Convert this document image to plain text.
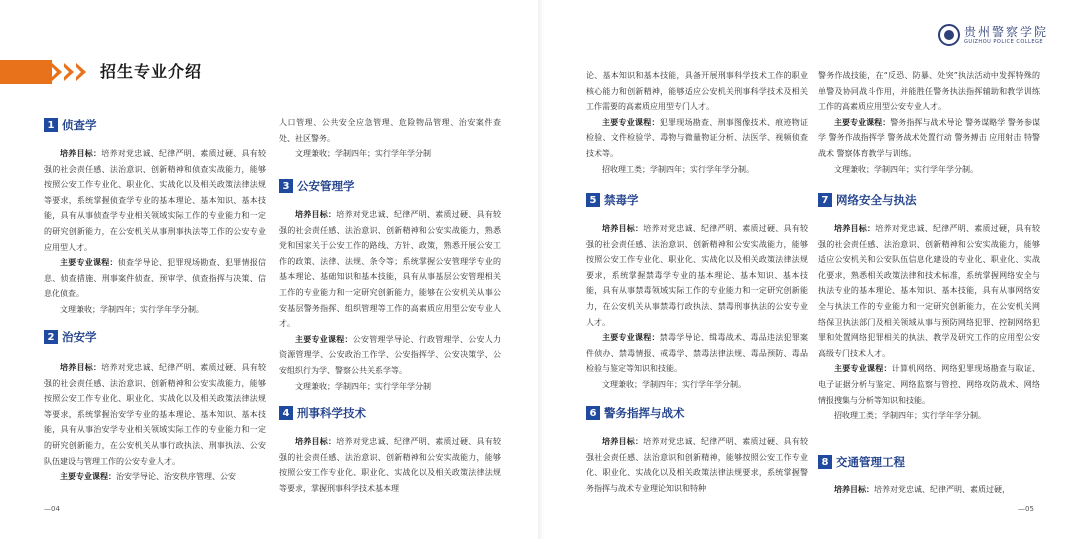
招生专业介绍
贵州警察学院
GUIZHOU POLICE COLLEGE
1 侦查学

培养目标：培养对党忠诚、纪律严明、素质过硬、具有较强的社会责任感、法治意识、创新精神和侦查实战能力，能够按照公安工作专业化、职业化、实战化以及相关政策法律法规等要求，系统掌握侦查学专业的基本理论、基本知识、基本技能，具有从事侦查学专业相关领域实际工作的专业能力和一定的研究创新能力，在公安机关从事刑事执法等工作的公安专业应用型人才。

主要专业课程：侦查学导论、犯罪现场勘查、犯罪情报信息、侦查措施、刑事案件侦查、预审学、侦查指挥与决策、信息化侦查。

文理兼收；学制四年；实行学年学分制。

2 治安学

培养目标：培养对党忠诚、纪律严明、素质过硬、具有较强的社会责任感、法治意识、创新精神和公安实战能力，能够按照公安工作专业化、职业化、实战化以及相关政策法律法规等要求，系统掌握治安学专业的基本理论、基本知识、基本技能，具有从事治安学专业相关领域实际工作的专业能力和一定的研究创新能力，在公安机关从事行政执法、刑事执法、公安队伍建设与管理工作的公安专业人才。

主要专业课程：治安学导论、治安秩序管理、公安

人口管理、公共安全应急管理、危险物品管理、治安案件查处、社区警务。

文理兼收；学制四年；实行学年学分制

3 公安管理学

培养目标：培养对党忠诚、纪律严明、素质过硬、具有较强的社会责任感、法治意识、创新精神和公安实战能力，熟悉党和国家关于公安工作的路线、方针、政策，熟悉开展公安工作的政策、法律、法规、条令等；系统掌握公安管理学专业的基本理论、基础知识和基本技能，具有从事基层公安管理相关工作的专业能力和一定研究创新能力，能够在公安机关从事公安基层警务指挥、组织管理等工作的高素质应用型公安专业人才。

主要专业课程：公安管理学导论、行政管理学、公安人力资源管理学、公安政治工作学、公安指挥学、公安决策学、公安组织行为学、警察公共关系学等。

文理兼收；学制四年；实行学年学分制

4 刑事科学技术

培养目标：培养对党忠诚、纪律严明、素质过硬、具有较强的社会责任感、法治意识、创新精神和公安实战能力，能够按照公安工作专业化、职业化、实战化以及相关政策法律法规等要求，掌握刑事科学技术基本理

论、基本知识和基本技能，具备开展刑事科学技术工作的职业核心能力和创新精神，能够适应公安机关刑事科学技术及相关工作需要的高素质应用型专门人才。

主要专业课程：犯罪现场勘查、刑事图像技术、痕迹物证检验、文件检验学、毒物与微量物证分析、法医学、视频侦查技术等。

招收理工类；学制四年；实行学年学分制。

5 禁毒学

培养目标：培养对党忠诚、纪律严明、素质过硬、具有较强的社会责任感、法治意识、创新精神和公安实战能力，能够按照公安工作专业化、职业化、实战化以及相关政策法律法规要求，系统掌握禁毒学专业的基本理论、基本知识、基本技能，具有从事禁毒领域实际工作的专业能力和一定研究创新能力，在公安机关从事禁毒行政执法、禁毒刑事执法的公安专业人才。

主要专业课程：禁毒学导论、缉毒战术、毒品违法犯罪案件侦办、禁毒情报、戒毒学、禁毒法律法规、毒品预防、毒品检验与鉴定等知识和技能。

文理兼收；学制四年；实行学年学分制。

6 警务指挥与战术

培养目标：培养对党忠诚、纪律严明、素质过硬、具有较强社会责任感、法治意识和创新精神，能够按照公安工作专业化、职业化、实战化以及相关政策法律法规要求，系统掌握警务指挥与战术专业理论知识和特种

警务作战技能，在“反恐、防暴、处突”执法活动中发挥特殊的单警及协同战斗作用，并能胜任警务执法指挥辅助和教学训练工作的高素质应用型公安专业人才。

主要专业课程：警务指挥与战术导论 警务谋略学 警务参谋学 警务作战指挥学 警务战术处置行动 警务搏击 应用射击 特警战术 警察体育教学与训练。

文理兼收；学制四年；实行学年学分制。

7 网络安全与执法

培养目标：培养对党忠诚、纪律严明、素质过硬，具有较强的社会责任感、法治意识、创新精神和公安实战能力，能够适应公安机关和公安队伍信息化建设的专业化、职业化、实战化要求，熟悉相关政策法律和技术标准，系统掌握网络安全与执法专业的基本理论、基本知识、基本技能，具有从事网络安全与执法工作的专业能力和一定研究创新能力，在公安机关网络保卫执法部门及相关领域从事与预防网络犯罪、控制网络犯罪和处置网络犯罪相关的执法、教学及研究工作的应用型公安高级专门技术人才。

主要专业课程：计算机网络、网络犯罪现场勘查与取证、电子证据分析与鉴定、网络监察与管控、网络攻防战术、网络情报搜集与分析等知识和技能。

招收理工类；学制四年；实行学年学分制。

8 交通管理工程

培养目标：培养对党忠诚、纪律严明、素质过硬，

—04	—05
